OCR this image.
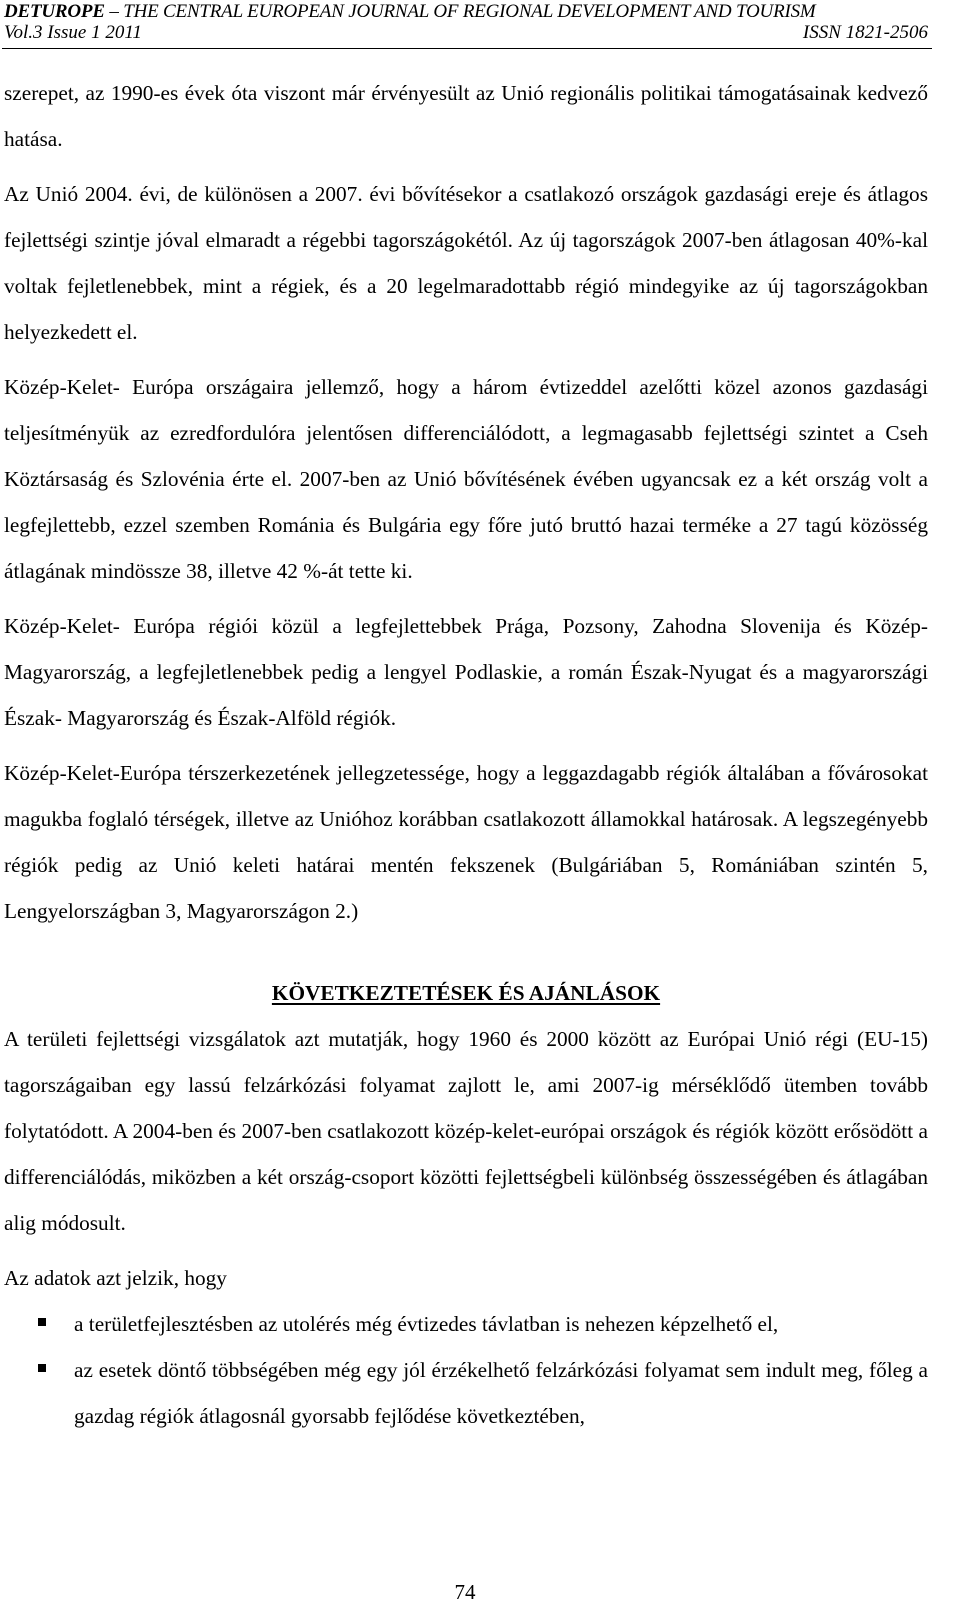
DETUROPE – THE CENTRAL EUROPEAN JOURNAL OF REGIONAL DEVELOPMENT AND TOURISM
Vol.3 Issue 1 2011	ISSN 1821-2506

szerepet, az 1990-es évek óta viszont már érvényesült az Unió regionális politikai támogatásainak kedvező hatása.

Az Unió 2004. évi, de különösen a 2007. évi bővítésekor a csatlakozó országok gazdasági ereje és átlagos fejlettségi szintje jóval elmaradt a régebbi tagországokétól. Az új tagországok 2007-ben átlagosan 40%-kal voltak fejletlenebbek, mint a régiek, és a 20 legelmaradottabb régió mindegyike az új tagországokban helyezkedett el.

Közép-Kelet- Európa országaira jellemző, hogy a három évtizeddel azelőtti közel azonos gazdasági teljesítményük az ezredfordulóra jelentősen differenciálódott, a legmagasabb fejlettségi szintet a Cseh Köztársaság és Szlovénia érte el. 2007-ben az Unió bővítésének évében ugyancsak ez a két ország volt a legfejlettebb, ezzel szemben Románia és Bulgária egy főre jutó bruttó hazai terméke a 27 tagú közösség átlagának mindössze 38, illetve 42 %-át tette ki.

Közép-Kelet- Európa régiói közül a legfejlettebbek Prága, Pozsony, Zahodna Slovenija és Közép-Magyarország, a legfejletlenebbek pedig a lengyel Podlaskie, a román Észak-Nyugat és a magyarországi Észak- Magyarország és Észak-Alföld régiók.

Közép-Kelet-Európa térszerkezetének jellegzetessége, hogy a leggazdagabb régiók általában a fővárosokat magukba foglaló térségek, illetve az Unióhoz korábban csatlakozott államokkal határosak. A legszegényebb régiók pedig az Unió keleti határai mentén fekszenek (Bulgáriában 5, Romániában szintén 5, Lengyelországban 3, Magyarországon 2.)

KÖVETKEZTETÉSEK ÉS AJÁNLÁSOK

A területi fejlettségi vizsgálatok azt mutatják, hogy 1960 és 2000 között az Európai Unió régi (EU-15) tagországaiban egy lassú felzárkózási folyamat zajlott le, ami 2007-ig mérséklődő ütemben tovább folytatódott. A 2004-ben és 2007-ben csatlakozott közép-kelet-európai országok és régiók között erősödött a differenciálódás, miközben a két ország-csoport közötti fejlettségbeli különbség összességében és átlagában alig módosult.

Az adatok azt jelzik, hogy

a területfejlesztésben az utolérés még évtizedes távlatban is nehezen képzelhető el,
az esetek döntő többségében még egy jól érzékelhető felzárkózási folyamat sem indult meg, főleg a gazdag régiók átlagosnál gyorsabb fejlődése következtében,
74
